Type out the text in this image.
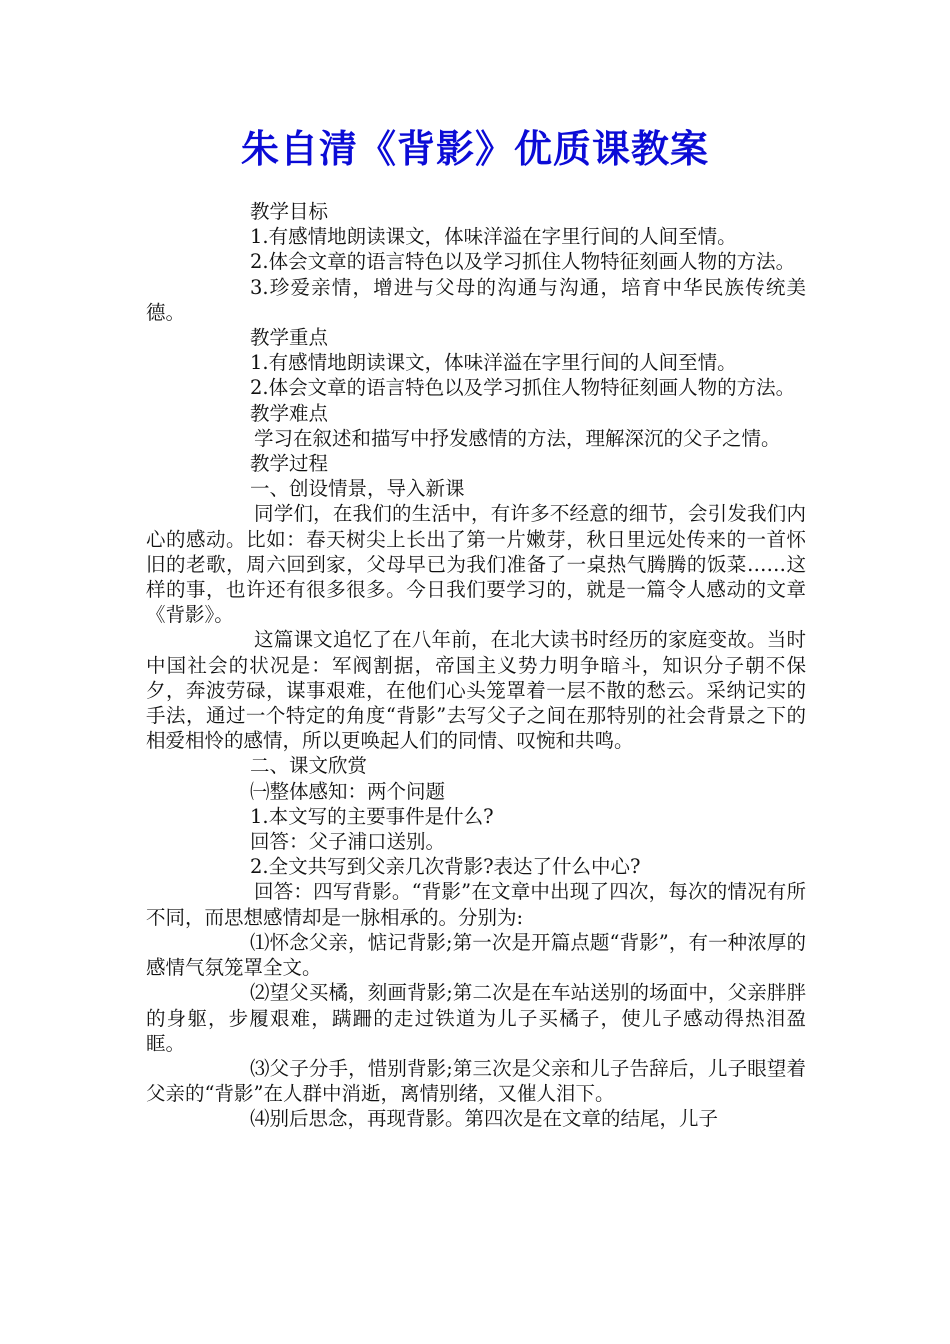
朱自清《背影》优质课教案

教学目标

1.有感情地朗读课文，体味洋溢在字里行间的人间至情。

2.体会文章的语言特色以及学习抓住人物特征刻画人物的方法。

3.珍爱亲情，增进与父母的沟通与沟通，培育中华民族传统美德。

教学重点

1.有感情地朗读课文，体味洋溢在字里行间的人间至情。

2.体会文章的语言特色以及学习抓住人物特征刻画人物的方法。

教学难点

学习在叙述和描写中抒发感情的方法，理解深沉的父子之情。

教学过程

一、创设情景，导入新课

同学们，在我们的生活中，有许多不经意的细节，会引发我们内心的感动。比如：春天树尖上长出了第一片嫩芽，秋日里远处传来的一首怀旧的老歌，周六回到家，父母早已为我们准备了一桌热气腾腾的饭菜……这样的事，也许还有很多很多。今日我们要学习的，就是一篇令人感动的文章《背影》。

这篇课文追忆了在八年前，在北大读书时经历的家庭变故。当时中国社会的状况是：军阀割据，帝国主义势力明争暗斗，知识分子朝不保夕，奔波劳碌，谋事艰难，在他们心头笼罩着一层不散的愁云。采纳记实的手法，通过一个特定的角度“背影”去写父子之间在那特别的社会背景之下的相爱相怜的感情，所以更唤起人们的同情、叹惋和共鸣。

二、课文欣赏

㈠整体感知：两个问题

1.本文写的主要事件是什么?

回答：父子浦口送别。

2.全文共写到父亲几次背影?表达了什么中心?

回答：四写背影。“背影”在文章中出现了四次，每次的情况有所不同，而思想感情却是一脉相承的。分别为:

⑴怀念父亲，惦记背影;第一次是开篇点题“背影”，有一种浓厚的感情气氛笼罩全文。

⑵望父买橘，刻画背影;第二次是在车站送别的场面中，父亲胖胖的身躯，步履艰难，蹒跚的走过铁道为儿子买橘子，使儿子感动得热泪盈眶。

⑶父子分手，惜别背影;第三次是父亲和儿子告辞后，儿子眼望着父亲的“背影”在人群中消逝，离情别绪，又催人泪下。

⑷别后思念，再现背影。第四次是在文章的结尾，儿子
